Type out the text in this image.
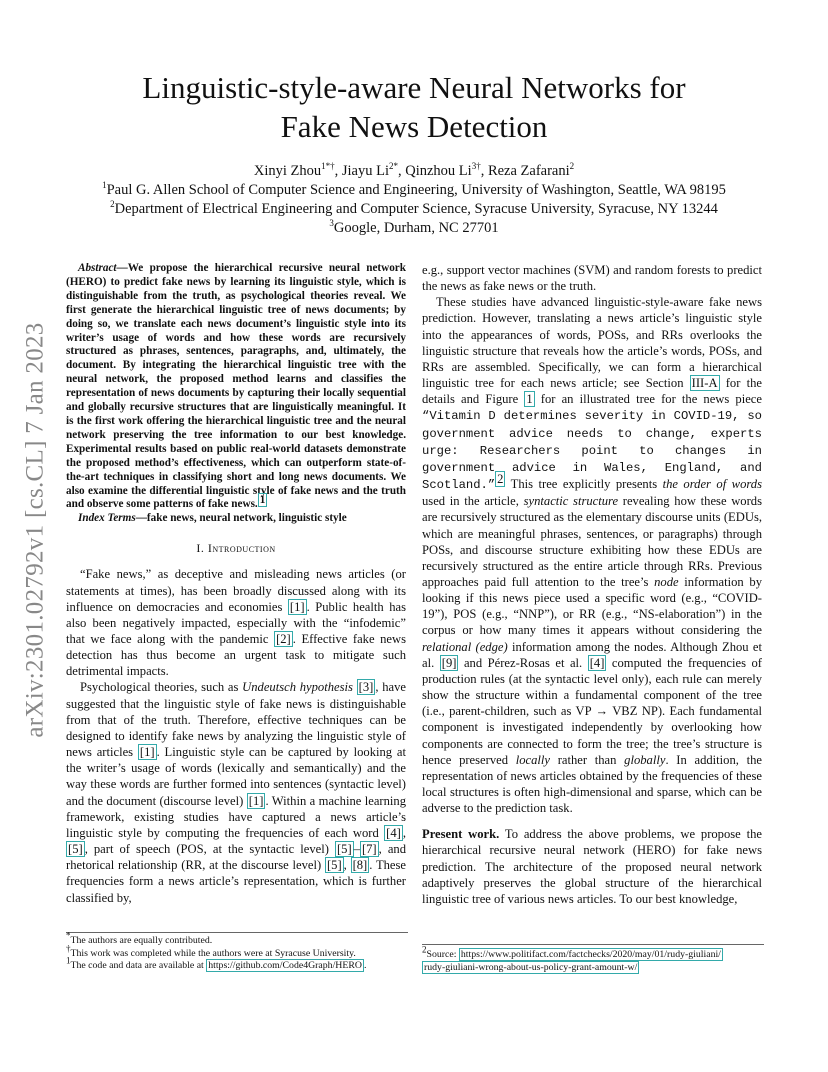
arXiv:2301.02792v1 [cs.CL] 7 Jan 2023
Linguistic-style-aware Neural Networks for
Fake News Detection
Xinyi Zhou$^{1*\dagger}$, Jiayu $Li^{2*}$, Qinzhou $Li^{3\dagger}$, Reza Zafarani$^2$
$^1$Paul G. Allen School of Computer Science and Engineering, University of Washington, Seattle, WA 98195
$^2$Department of Electrical Engineering and Computer Science, Syracuse University, Syracuse, NY 13244
$^3$Google, Durham, NC 27701

Abstract—We propose the hierarchical recursive neural network (HERO) to predict fake news by learning its linguistic style, which is distinguishable from the truth, as psychological theories reveal. We first generate the hierarchical linguistic tree of news documents; by doing so, we translate each news document’s linguistic style into its writer’s usage of words and how these words are recursively structured as phrases, sentences, paragraphs, and, ultimately, the document. By integrating the hierarchical linguistic tree with the neural network, the proposed method learns and classifies the representation of news documents by capturing their locally sequential and globally recursive structures that are linguistically meaningful. It is the first work offering the hierarchical linguistic tree and the neural network preserving the tree information to our best knowledge. Experimental results based on public real-world datasets demonstrate the proposed method’s effectiveness, which can outperform state-of-the-art techniques in classifying short and long news documents. We also examine the differential linguistic style of fake news and the truth and observe some patterns of fake news. $^1$

Index Terms—fake news, neural network, linguistic style

I. Introduction

“Fake news,” as deceptive and misleading news articles (or statements at times), has been broadly discussed along with its influence on democracies and economies [1] . Public health has also been negatively impacted, especially with the “infodemic” that we face along with the pandemic [2] . Effective fake news detection has thus become an urgent task to mitigate such detrimental impacts.

Psychological theories, such as Undeutsch hypothesis [3] , have suggested that the linguistic style of fake news is distinguishable from that of the truth. Therefore, effective techniques can be designed to identify fake news by analyzing the linguistic style of news articles [1] . Linguistic style can be captured by looking at the writer’s usage of words (lexically and semantically) and the way these words are further formed into sentences (syntactic level) and the document (discourse level) [1] . Within a machine learning framework, existing studies have captured a news article’s linguistic style by computing the frequencies of each word [4] , [5] , part of speech (POS, at the syntactic level) [5] – [7] , and rhetorical relationship (RR, at the discourse level) [5] , [8] . These frequencies form a news article’s representation, which is further classified by,

e.g., support vector machines (SVM) and random forests to predict the news as fake news or the truth.

These studies have advanced linguistic-style-aware fake news prediction. However, translating a news article’s linguistic style into the appearances of words, POSs, and RRs overlooks the linguistic structure that reveals how the article’s words, POSs, and RRs are assembled. Specifically, we can form a hierarchical linguistic tree for each news article; see Section III-A for the details and Figure 1 for an illustrated tree for the news piece “Vitamin D determines severity in COVID-19, so government advice needs to change, experts urge: Researchers point to changes in government advice in Wales, England, and Scotland.” $^2$ This tree explicitly presents the order of words used in the article, syntactic structure revealing how these words are recursively structured as the elementary discourse units (EDUs, which are meaningful phrases, sentences, or paragraphs) through POSs, and discourse structure exhibiting how these EDUs are recursively structured as the entire article through RRs. Previous approaches paid full attention to the tree’s node information by looking if this news piece used a specific word (e.g., “COVID-19”), POS (e.g., “NNP”), or RR (e.g., “NS-elaboration”) in the corpus or how many times it appears without considering the relational (edge) information among the nodes. Although Zhou et al. [9] and Pérez-Rosas et al. [4] computed the frequencies of production rules (at the syntactic level only), each rule can merely show the structure within a fundamental component of the tree (i.e., parent-children, such as VP → VBZ NP). Each fundamental component is investigated independently by overlooking how components are connected to form the tree; the tree’s structure is hence preserved locally rather than globally. In addition, the representation of news articles obtained by the frequencies of these local structures is often high-dimensional and sparse, which can be adverse to the prediction task.

Present work. To address the above problems, we propose the hierarchical recursive neural network (HERO) for fake news prediction. The architecture of the proposed neural network adaptively preserves the global structure of the hierarchical linguistic tree of various news articles. To our best knowledge,

*The authors are equally contributed.
†This work was completed while the authors were at Syracuse University.
$^1$The code and data are available at https://github.com/Code4Graph/HERO .
$^2$Source: https://www.politifact.com/factchecks/2020/may/01/rudy-giuliani/
rudy-giuliani-wrong-about-us-policy-grant-amount-w/
